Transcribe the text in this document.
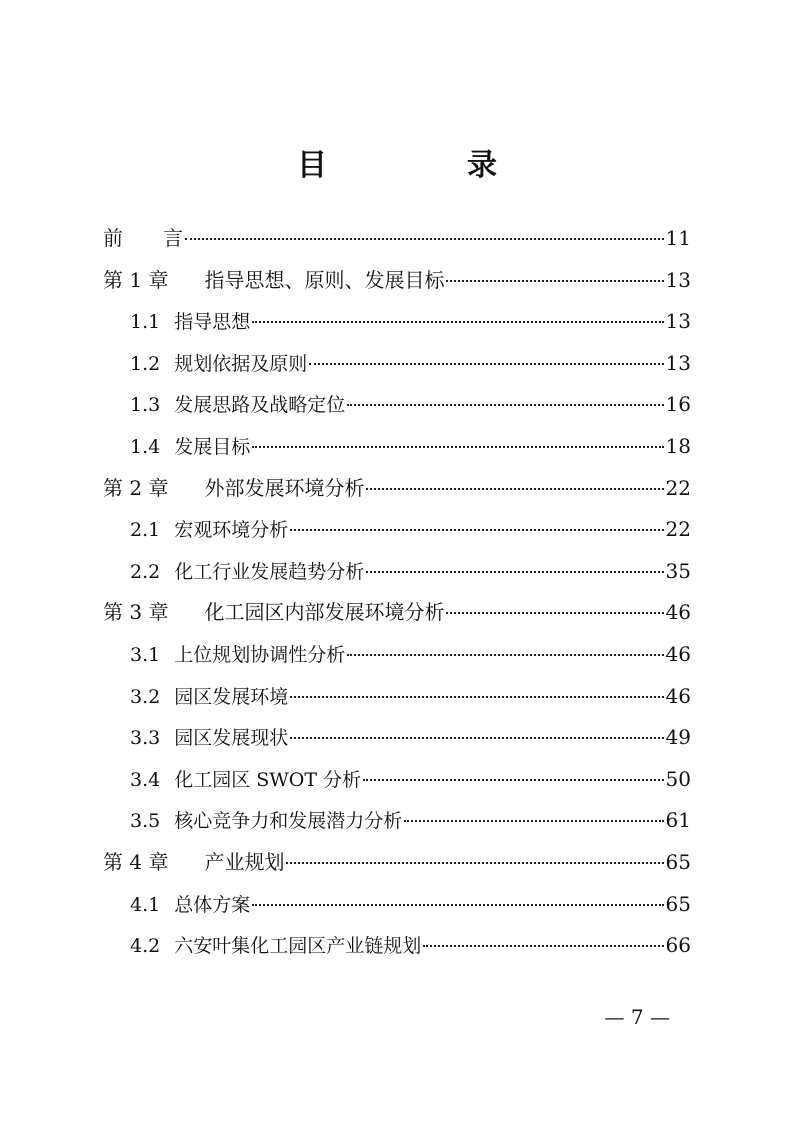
目　录
前　　言	11
第 1 章 指导思想、原则、发展目标	13
1.1 指导思想	13
1.2 规划依据及原则	13
1.3 发展思路及战略定位	16
1.4 发展目标	18
第 2 章 外部发展环境分析	22
2.1 宏观环境分析	22
2.2 化工行业发展趋势分析	35
第 3 章 化工园区内部发展环境分析	46
3.1 上位规划协调性分析	46
3.2 园区发展环境	46
3.3 园区发展现状	49
3.4 化工园区 SWOT 分析	50
3.5 核心竞争力和发展潜力分析	61
第 4 章 产业规划	65
4.1 总体方案	65
4.2 六安叶集化工园区产业链规划	66
— 7 —
